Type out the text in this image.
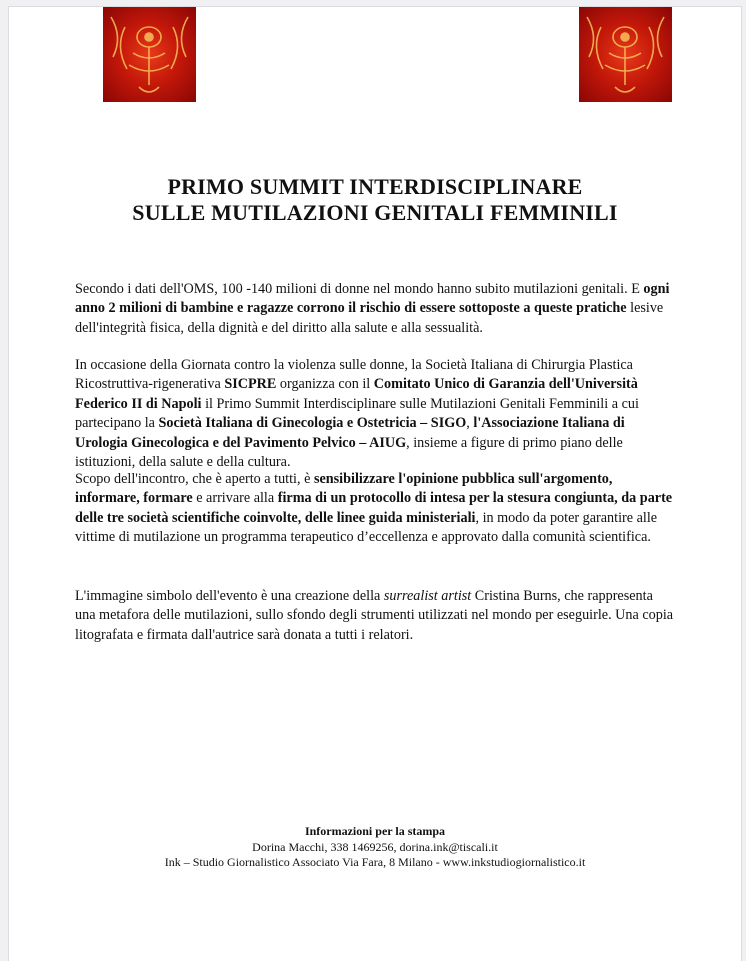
PRIMO SUMMIT INTERDISCIPLINARE
SULLE MUTILAZIONI GENITALI FEMMINILI
Secondo i dati dell'OMS, 100 -140 milioni di donne nel mondo hanno subito mutilazioni genitali. E ogni anno 2 milioni di bambine e ragazze corrono il rischio di essere sottoposte a queste pratiche lesive dell'integrità fisica, della dignità e del diritto alla salute e alla sessualità.
In occasione della Giornata contro la violenza sulle donne, la Società Italiana di Chirurgia Plastica Ricostruttiva-rigenerativa SICPRE organizza con il Comitato Unico di Garanzia dell'Università Federico II di Napoli il Primo Summit Interdisciplinare sulle Mutilazioni Genitali Femminili a cui partecipano la Società Italiana di Ginecologia e Ostetricia – SIGO, l'Associazione Italiana di Urologia Ginecologica e del Pavimento Pelvico – AIUG, insieme a figure di primo piano delle istituzioni, della salute e della cultura.
Scopo dell'incontro, che è aperto a tutti, è sensibilizzare l'opinione pubblica sull'argomento, informare, formare e arrivare alla firma di un protocollo di intesa per la stesura congiunta, da parte delle tre società scientifiche coinvolte, delle linee guida ministeriali, in modo da poter garantire alle vittime di mutilazione un programma terapeutico d’eccellenza e approvato dalla comunità scientifica.
L'immagine simbolo dell'evento è una creazione della surrealist artist Cristina Burns, che rappresenta una metafora delle mutilazioni, sullo sfondo degli strumenti utilizzati nel mondo per eseguirle. Una copia litografata e firmata dall'autrice sarà donata a tutti i relatori.
Informazioni per la stampa
Dorina Macchi, 338 1469256, dorina.ink@tiscali.it
Ink – Studio Giornalistico Associato Via Fara, 8 Milano - www.inkstudiogiornalistico.it
